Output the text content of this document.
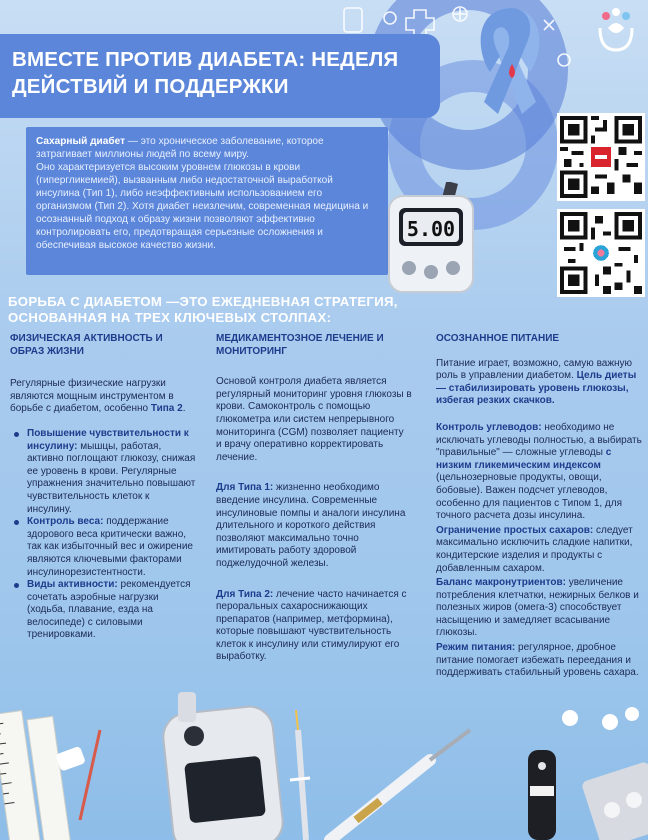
ВМЕСТЕ ПРОТИВ ДИАБЕТА: НЕДЕЛЯ ДЕЙСТВИЙ И ПОДДЕРЖКИ
Сахарный диабет — это хроническое заболевание, которое затрагивает миллионы людей по всему миру.
Оно характеризуется высоким уровнем глюкозы в крови (гипергликемией), вызванным либо недостаточной выработкой инсулина (Тип 1), либо неэффективным использованием его организмом (Тип 2). Хотя диабет неизлечим, современная медицина и осознанный подход к образу жизни позволяют эффективно контролировать его, предотвращая серьезные осложнения и обеспечивая высокое качество жизни.
5.00
БОРЬБА С ДИАБЕТОМ —ЭТО ЕЖЕДНЕВНАЯ СТРАТЕГИЯ, ОСНОВАННАЯ НА ТРЕХ КЛЮЧЕВЫХ СТОЛПАХ:
ФИЗИЧЕСКАЯ АКТИВНОСТЬ И ОБРАЗ ЖИЗНИ

Регулярные физические нагрузки являются мощным инструментом в борьбе с диабетом, особенно Типа 2.

Повышение чувствительности к инсулину: мышцы, работая, активно поглощают глюкозу, снижая ее уровень в крови. Регулярные упражнения значительно повышают чувствительность клеток к инсулину.
Контроль веса: поддержание здорового веса критически важно, так как избыточный вес и ожирение являются ключевыми факторами инсулинорезистентности.
Виды активности: рекомендуется сочетать аэробные нагрузки (ходьба, плавание, езда на велосипеде) с силовыми тренировками.
МЕДИКАМЕНТОЗНОЕ ЛЕЧЕНИЕ И МОНИТОРИНГ

Основой контроля диабета является регулярный мониторинг уровня глюкозы в крови. Самоконтроль с помощью глюкометра или систем непрерывного мониторинга (CGM) позволяет пациенту и врачу оперативно корректировать лечение.

Для Типа 1: жизненно необходимо введение инсулина. Современные инсулиновые помпы и аналоги инсулина длительного и короткого действия позволяют максимально точно имитировать работу здоровой поджелудочной железы.

Для Типа 2: лечение часто начинается с пероральных сахароснижающих препаратов (например, метформина), которые повышают чувствительность клеток к инсулину или стимулируют его выработку.

ОСОЗНАННОЕ ПИТАНИЕ

Питание играет, возможно, самую важную роль в управлении диабетом. Цель диеты — стабилизировать уровень глюкозы, избегая резких скачков.

Контроль углеводов: необходимо не исключать углеводы полностью, а выбирать "правильные" — сложные углеводы с низким гликемическим индексом (цельнозерновые продукты, овощи, бобовые). Важен подсчет углеводов, особенно для пациентов с Типом 1, для точного расчета дозы инсулина.

Ограничение простых сахаров: следует максимально исключить сладкие напитки, кондитерские изделия и продукты с добавленным сахаром.

Баланс макронутриентов: увеличение потребления клетчатки, нежирных белков и полезных жиров (омега-3) способствует насыщению и замедляет всасывание глюкозы.

Режим питания: регулярное, дробное питание помогает избежать переедания и поддерживать стабильный уровень сахара.
